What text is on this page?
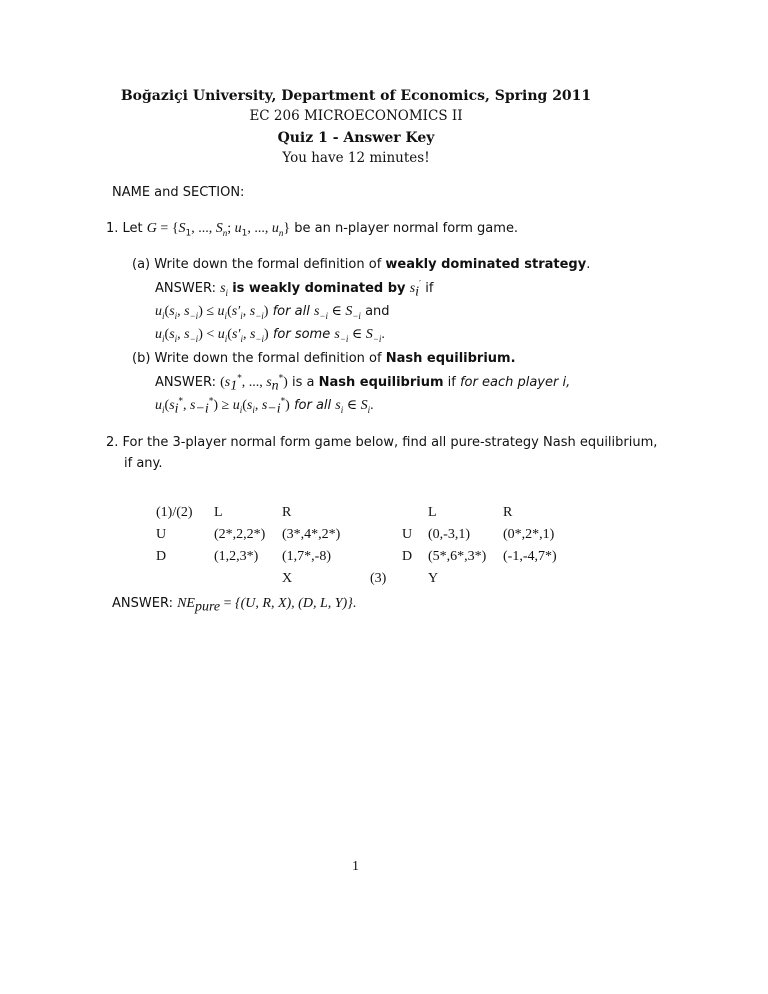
Boğaziçi University, Department of Economics, Spring 2011
EC 206 MICROECONOMICS II
Quiz 1 - Answer Key
You have 12 minutes!
NAME and SECTION:
1. Let $G = \{S_1$, ..., $S_n$; $u_1$, ..., $u_n$} be an n-player normal form game.
(a) Write down the formal definition of weakly dominated strategy.
ANSWER: $s_i$ is weakly dominated by $s_i'$ if
$u_i(s_i$, $s_{-i}) \le u_i(s'_i$, $s_{-i}$) for all $s_{-i}$ ∈ $S_{-i}$ and
$u_i(s_i$, $s_{-i}) < u_i(s'_i$, $s_{-i}$) for some $s_{-i}$ ∈ $S_{-i}$.
(b) Write down the formal definition of Nash equilibrium.
ANSWER: ($s_1^*$, ..., $s_n^*$) is a Nash equilibrium if for each player i,
$u_i(s_i^*$, $s_{-i}^*) \ge u_i(s_i$, $s_{-i}^*$) for all $s_i$ ∈ $S_i$.
2. For the 3-player normal form game below, find all pure-strategy Nash equilibrium,
if any.
(1)/(2) L	R	L	R
U	(2*,2,2*) (3*,4*,2*)	U (0,-3,1) (0*,2*,1)
D	(1,2,3*) (1,7*,-8)	D (5*,6*,3*) (-1,-4,7*)
X	(3)	Y
ANSWER: $NE_{pure} = \{(U$, R, X), (D, L, Y)}.
1
